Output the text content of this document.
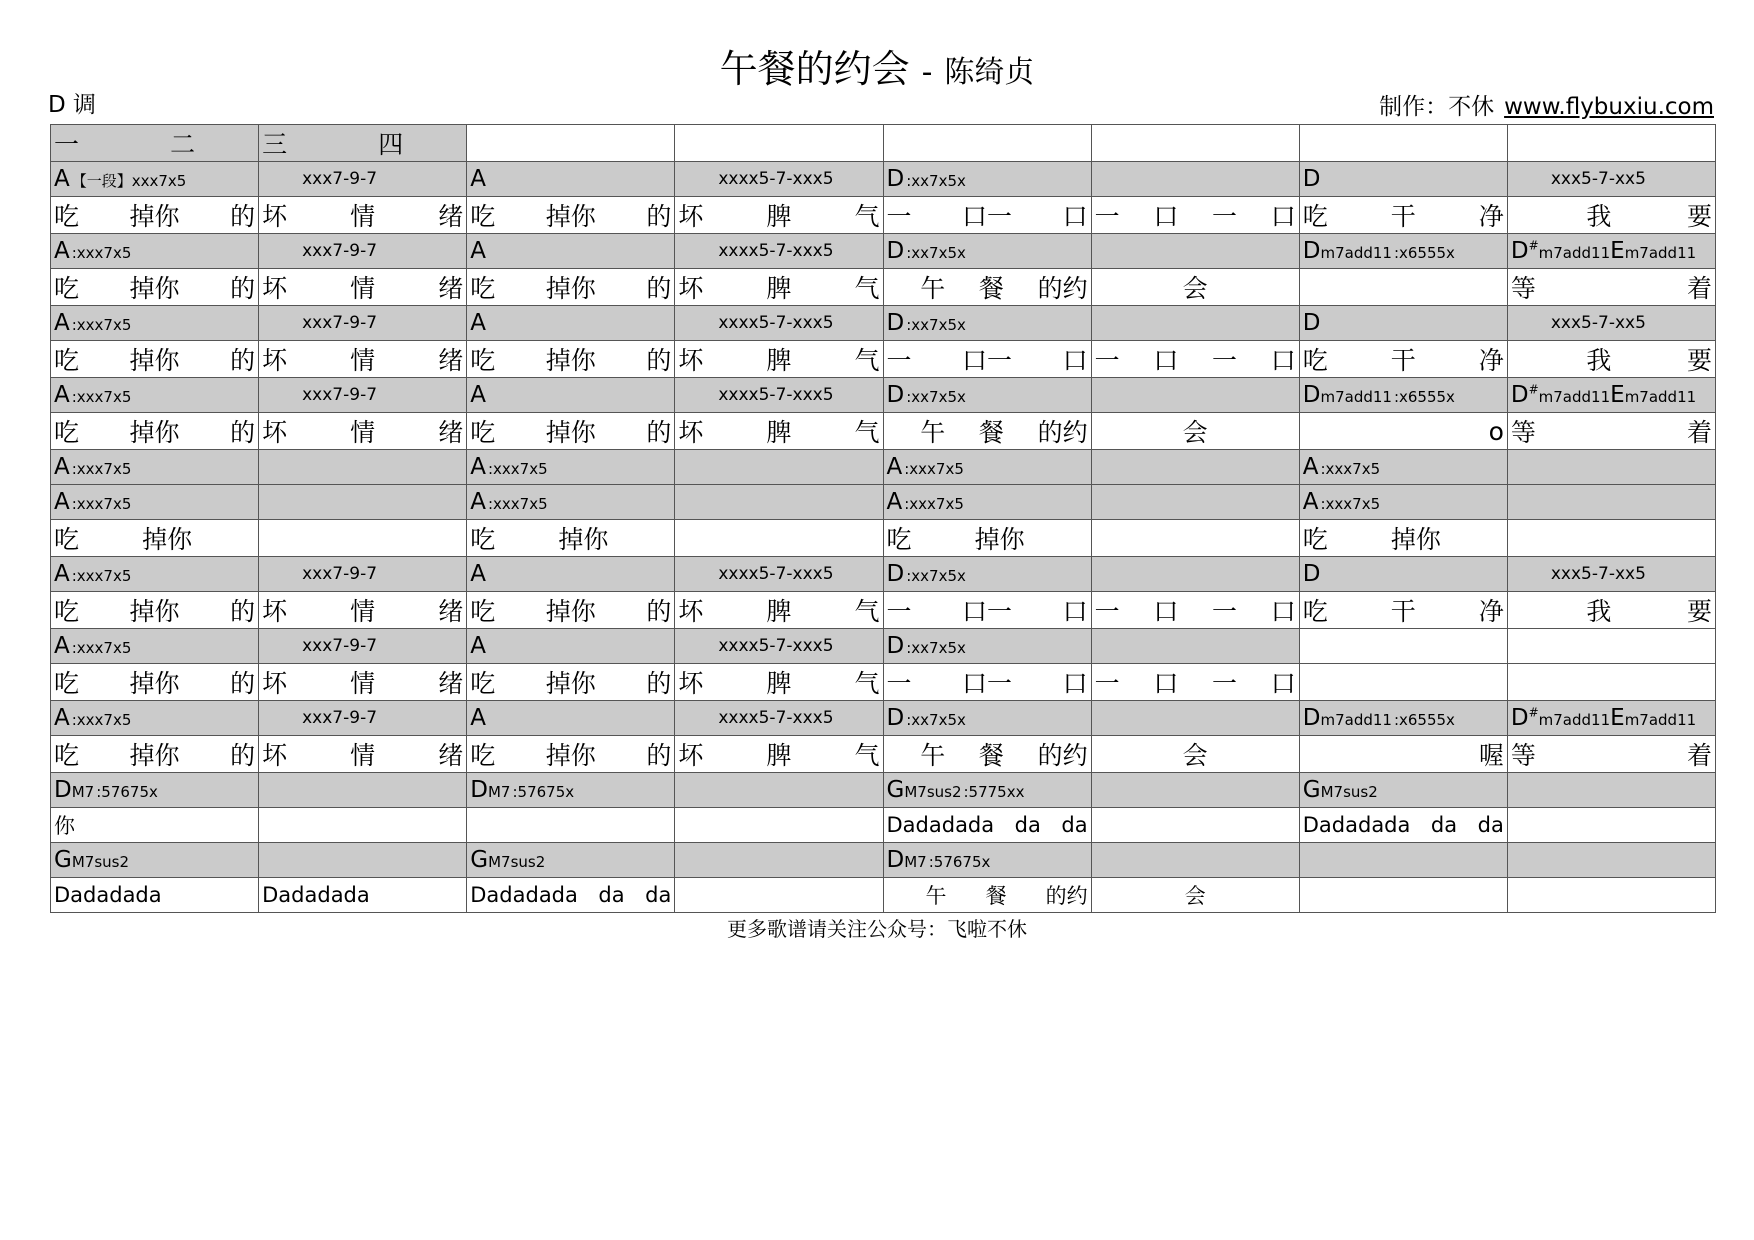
午餐的约会 - 陈绮贞
D 调	制作：不休 www.flybuxiu.com
一 二	三 四						

A 【一段】xxx7x5	xxx7-9-7	A	xxxx5-7-xxx5	D :xx7x5x		D	xxx5-7-xx5

吃 掉你 的	坏 情 绪	吃 掉你 的	坏 脾 气	一 口一 口	一 口 一 口	吃 干 净	我 要

A :xxx7x5	xxx7-9-7	A	xxxx5-7-xxx5	D :xx7x5x		Dm7add11 :x6555x	D#m7add11Em7add11

吃 掉你 的	坏 情 绪	吃 掉你 的	坏 脾 气	午 餐 的约	会		等 着

A :xxx7x5	xxx7-9-7	A	xxxx5-7-xxx5	D :xx7x5x		D	xxx5-7-xx5

吃 掉你 的	坏 情 绪	吃 掉你 的	坏 脾 气	一 口一 口	一 口 一 口	吃 干 净	我 要

A :xxx7x5	xxx7-9-7	A	xxxx5-7-xxx5	D :xx7x5x		Dm7add11 :x6555x	D#m7add11Em7add11

吃 掉你 的	坏 情 绪	吃 掉你 的	坏 脾 气	午 餐 的约	会	o	等 着

A :xxx7x5		A :xxx7x5		A :xxx7x5		A :xxx7x5	

A :xxx7x5		A :xxx7x5		A :xxx7x5		A :xxx7x5	

吃 掉你		吃 掉你		吃 掉你		吃 掉你	

A :xxx7x5	xxx7-9-7	A	xxxx5-7-xxx5	D :xx7x5x		D	xxx5-7-xx5

吃 掉你 的	坏 情 绪	吃 掉你 的	坏 脾 气	一 口一 口	一 口 一 口	吃 干 净	我 要

A :xxx7x5	xxx7-9-7	A	xxxx5-7-xxx5	D :xx7x5x			

吃 掉你 的	坏 情 绪	吃 掉你 的	坏 脾 气	一 口一 口	一 口 一 口		

A :xxx7x5	xxx7-9-7	A	xxxx5-7-xxx5	D :xx7x5x		Dm7add11 :x6555x	D#m7add11Em7add11

吃 掉你 的	坏 情 绪	吃 掉你 的	坏 脾 气	午 餐 的约	会	喔	等 着

DM7 :57675x		DM7 :57675x		GM7sus2 :5775xx		GM7sus2	

你				Dadadada da da		Dadadada da da	

GM7sus2		GM7sus2		DM7 :57675x			

Dadadada	Dadadada	Dadadada da da		午 餐 的约	会		

更多歌谱请关注公众号：飞啦不休
